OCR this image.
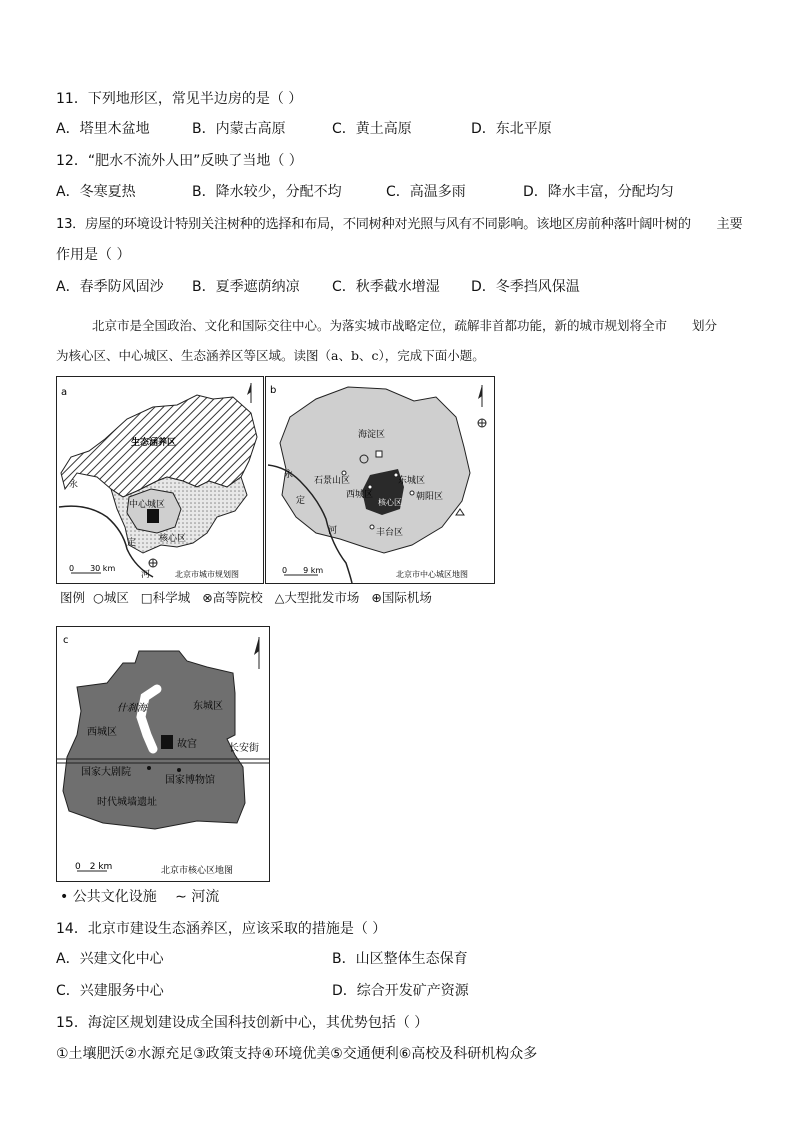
11．下列地形区，常见半边房的是（ ）
A．塔里木盆地	B．内蒙古高原	C．黄土高原	D．东北平原
12．“肥水不流外人田”反映了当地（ ）
A．冬寒夏热	B．降水较少，分配不均	C．高温多雨	D．降水丰富，分配均匀
13．房屋的环境设计特别关注树种的选择和布局，不同树种对光照与风有不同影响。该地区房前种落叶阔叶树的　　主要
作用是（ ）
A．春季防风固沙 B．夏季遮荫纳凉 C．秋季截水增湿 D．冬季挡风保温
北京市是全国政治、文化和国际交往中心。为落实城市战略定位，疏解非首都功能，新的城市规划将全市　　划分
为核心区、中心城区、生态涵养区等区域。读图（a、b、c），完成下面小题。
a
生态涵养区
中心城区
核心区
永
定
河
0　　30 km
北京市城市规划图
b
海淀区
石景山区
西城区
东城区
朝阳区
丰台区
核心区
永
定
河
0　　9 km	北京市中心城区地图
图例 ○城区 □科学城 ⊗高等院校 △大型批发市场 ⊕国际机场
c
什刹海
西城区
东城区
故宫	长安街
国家大剧院
国家博物馆
时代城墙遗址
0　2 km	北京市核心区地图
• 公共文化设施 ∼ 河流
14．北京市建设生态涵养区，应该采取的措施是（ ）
A．兴建文化中心	B．山区整体生态保育
C．兴建服务中心	D．综合开发矿产资源
15．海淀区规划建设成全国科技创新中心，其优势包括（ ）
①土壤肥沃②水源充足③政策支持④环境优美⑤交通便利⑥高校及科研机构众多
